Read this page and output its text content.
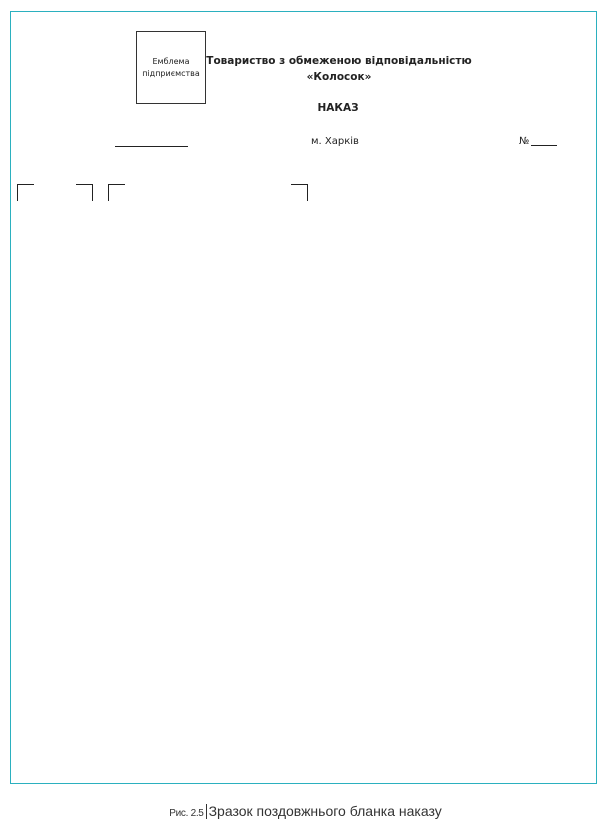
Емблема
підприємства
Товариство з обмеженою відповідальністю
«Колосок»
НАКАЗ
м. Харків	№
Рис. 2.5 Зразок поздовжнього бланка наказу
